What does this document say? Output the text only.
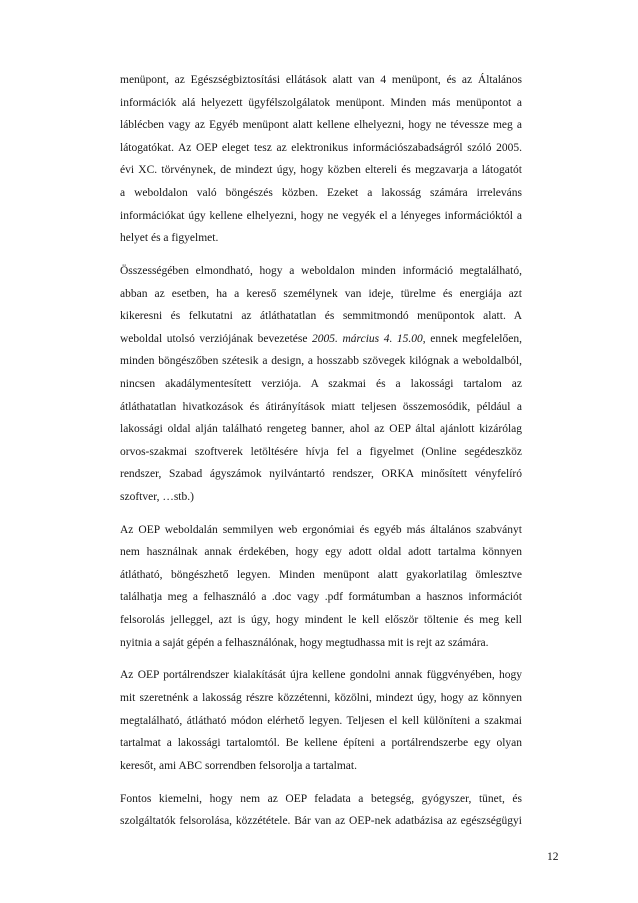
menüpont, az Egészségbiztosítási ellátások alatt van 4 menüpont, és az Általános
információk alá helyezett ügyfélszolgálatok menüpont. Minden más menüpontot a
láblécben vagy az Egyéb menüpont alatt kellene elhelyezni, hogy ne tévessze meg a
látogatókat. Az OEP eleget tesz az elektronikus információszabadságról szóló 2005.
évi XC. törvénynek, de mindezt úgy, hogy közben eltereli és megzavarja a látogatót
a weboldalon való böngészés közben. Ezeket a lakosság számára irreleváns
információkat úgy kellene elhelyezni, hogy ne vegyék el a lényeges információktól a
helyet és a figyelmet.
Összességében elmondható, hogy a weboldalon minden információ megtalálható,
abban az esetben, ha a kereső személynek van ideje, türelme és energiája azt
kikeresni és felkutatni az átláthatatlan és semmitmondó menüpontok alatt. A
weboldal utolsó verziójának bevezetése 2005. március 4. 15.00, ennek megfelelően,
minden böngészőben szétesik a design, a hosszabb szövegek kilógnak a weboldalból,
nincsen akadálymentesített verziója. A szakmai és a lakossági tartalom az
átláthatatlan hivatkozások és átirányítások miatt teljesen összemosódik, például a
lakossági oldal alján található rengeteg banner, ahol az OEP által ajánlott kizárólag
orvos-szakmai szoftverek letöltésére hívja fel a figyelmet (Online segédeszköz
rendszer, Szabad ágyszámok nyilvántartó rendszer, ORKA minősített vényfelíró
szoftver, …stb.)
Az OEP weboldalán semmilyen web ergonómiai és egyéb más általános szabványt
nem használnak annak érdekében, hogy egy adott oldal adott tartalma könnyen
átlátható, böngészhető legyen. Minden menüpont alatt gyakorlatilag ömlesztve
találhatja meg a felhasználó a .doc vagy .pdf formátumban a hasznos információt
felsorolás jelleggel, azt is úgy, hogy mindent le kell először töltenie és meg kell
nyitnia a saját gépén a felhasználónak, hogy megtudhassa mit is rejt az számára.
Az OEP portálrendszer kialakítását újra kellene gondolni annak függvényében, hogy
mit szeretnénk a lakosság részre közzétenni, közölni, mindezt úgy, hogy az könnyen
megtalálható, átlátható módon elérhető legyen. Teljesen el kell különíteni a szakmai
tartalmat a lakossági tartalomtól. Be kellene építeni a portálrendszerbe egy olyan
keresőt, ami ABC sorrendben felsorolja a tartalmat.
Fontos kiemelni, hogy nem az OEP feladata a betegség, gyógyszer, tünet, és
szolgáltatók felsorolása, közzététele. Bár van az OEP-nek adatbázisa az egészségügyi
12
